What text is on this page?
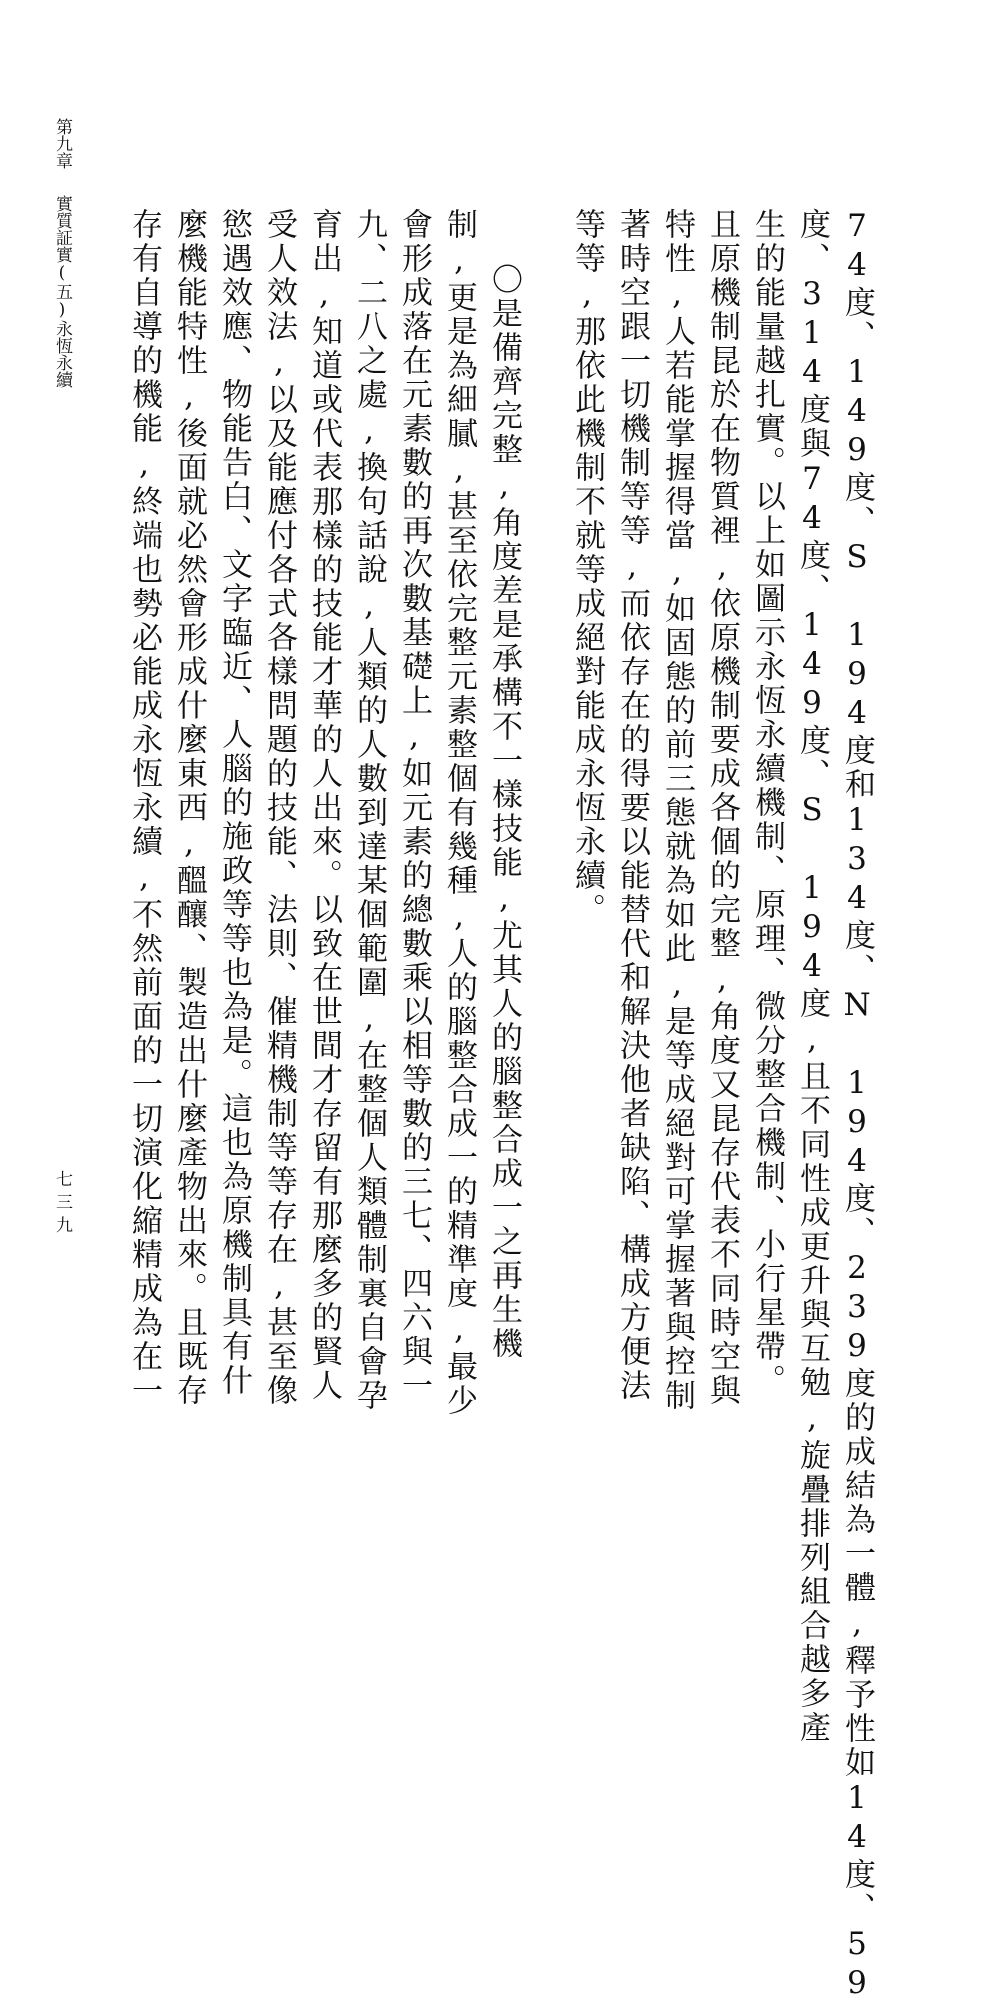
第九章實質証實(五)永恆永續
七三九	74度、149度、S 194度和134度、N 194度、239度的成結為一體,釋予性如14度、59
度、314度與74度、149度、S 194度,且不同性成更升與互勉,旋疊排列組合越多產
生的能量越扎實。以上如圖示永恆永續機制、原理、微分整合機制、小行星帶。
且原機制昆於在物質裡,依原機制要成各個的完整,角度又昆存代表不同時空與
特性,人若能掌握得當,如固態的前三態就為如此,是等成絕對可掌握著與控制
著時空跟一切機制等等,而依存在的得要以能替代和解決他者缺陷、構成方便法
等等,那依此機制不就等成絕對能成永恆永續。
〇是備齊完整,角度差是承構不一樣技能,尤其人的腦整合成一之再生機
制,更是為細膩,甚至依完整元素整個有幾種,人的腦整合成一的精準度,最少
會形成落在元素數的再次數基礎上,如元素的總數乘以相等數的三七、四六與一
九、二八之處,換句話說,人類的人數到達某個範圍,在整個人類體制裏自會孕
育出,知道或代表那樣的技能才華的人出來。以致在世間才存留有那麼多的賢人
受人效法,以及能應付各式各樣問題的技能、法則、催精機制等等存在,甚至像
慾遇效應、物能告白、文字臨近、人腦的施政等等也為是。這也為原機制具有什
麼機能特性,後面就必然會形成什麼東西,醞釀、製造出什麼產物出來。且既存
存有自導的機能,終端也勢必能成永恆永續,不然前面的一切演化縮精成為在一
